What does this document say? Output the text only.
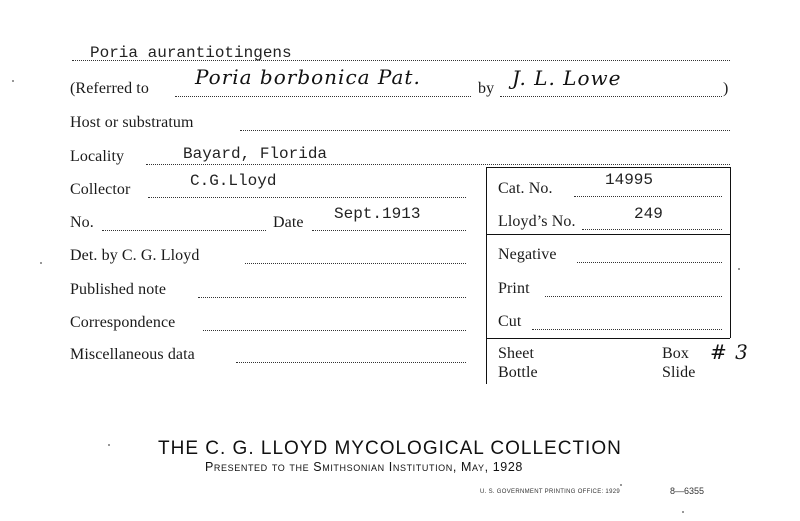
Poria aurantiotingens
(Referred to Poria borbonica Pat.	by J. L. Lowe	)
Host or substratum
Locality	Bayard, Florida
Collector	C.G.Lloyd	Cat. No.	14995
No.	Date Sept.1913	Lloyd’s No.	249
Det. by C. G. Lloyd	Negative
Published note	Print
Correspondence	Cut
Miscellaneous data	Sheet	Box # 3
Bottle	Slide
THE C. G. LLOYD MYCOLOGICAL COLLECTION
Presented to the Smithsonian Institution, May, 1928
U. S. GOVERNMENT PRINTING OFFICE: 1929	8—6355
